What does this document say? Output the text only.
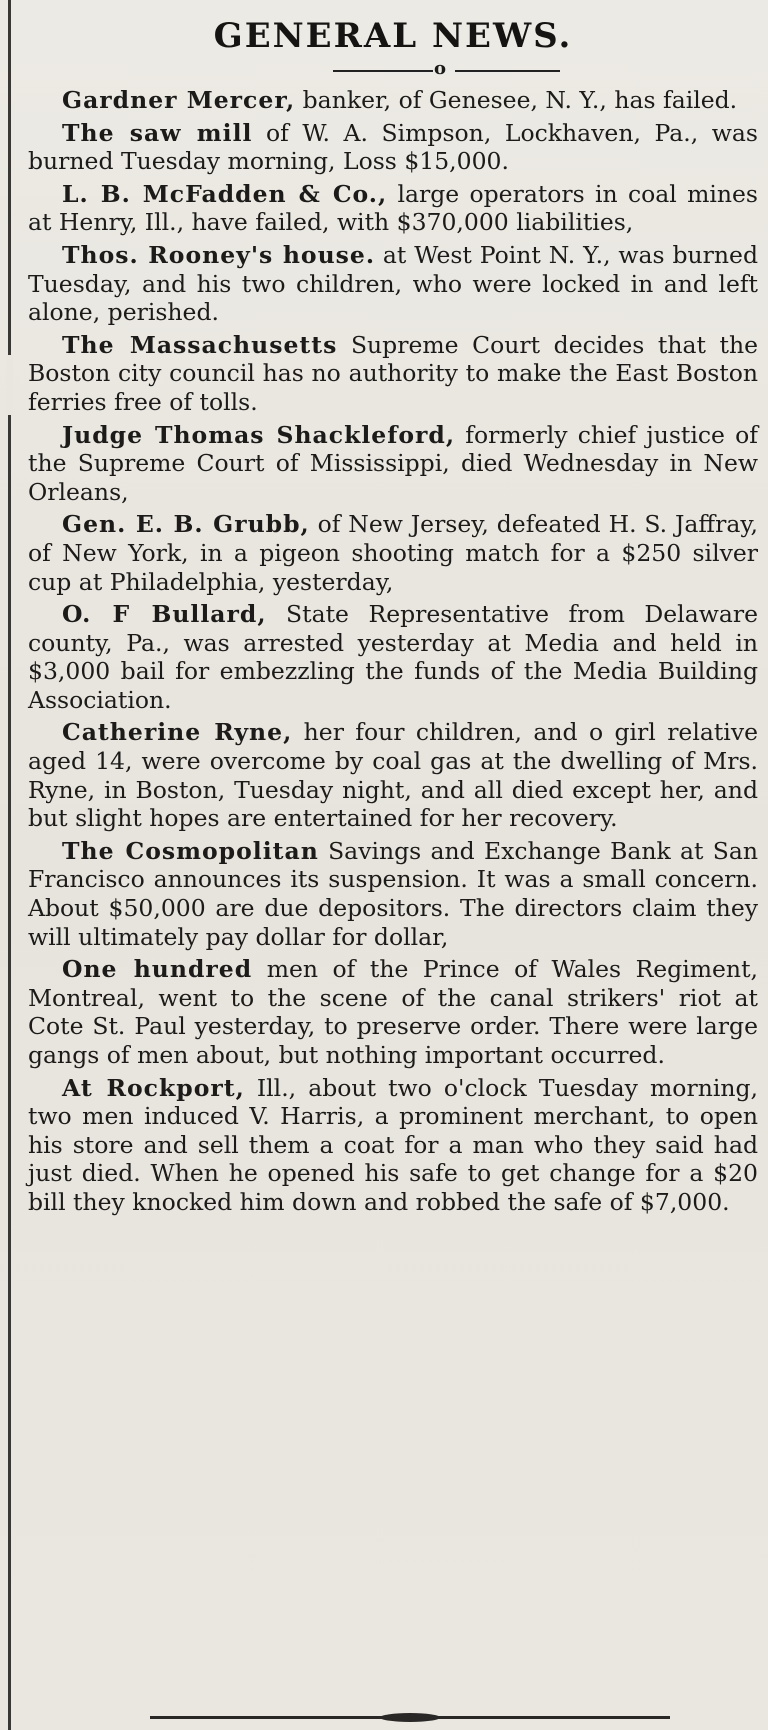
GENERAL NEWS.
o

Gardner Mercer, banker, of Genesee, N. Y., has failed.

The saw mill of W. A. Simpson, Lockhaven, Pa., was burned Tuesday morning, Loss $15,000.

L. B. McFadden & Co., large operators in coal mines at Henry, Ill., have failed, with $370,000 liabilities,

Thos. Rooney's house. at West Point N. Y., was burned Tuesday, and his two children, who were locked in and left alone, perished.

The Massachusetts Supreme Court decides that the Boston city council has no authority to make the East Boston ferries free of tolls.

Judge Thomas Shackleford, formerly chief justice of the Supreme Court of Mississippi, died Wednesday in New Orleans,

Gen. E. B. Grubb, of New Jersey, defeated H. S. Jaffray, of New York, in a pigeon shooting match for a $250 silver cup at Philadelphia, yesterday,

O. F Bullard, State Representative from Delaware county, Pa., was arrested yesterday at Media and held in $3,000 bail for embezzling the funds of the Media Building Association.

Catherine Ryne, her four children, and o girl relative aged 14, were overcome by coal gas at the dwelling of Mrs. Ryne, in Boston, Tuesday night, and all died except her, and but slight hopes are entertained for her recovery.

The Cosmopolitan Savings and Exchange Bank at San Francisco announces its suspension. It was a small concern. About $50,000 are due depositors. The directors claim they will ultimately pay dollar for dollar,

One hundred men of the Prince of Wales Regiment, Montreal, went to the scene of the canal strikers' riot at Cote St. Paul yesterday, to preserve order. There were large gangs of men about, but nothing important occurred.

At Rockport, Ill., about two o'clock Tuesday morning, two men induced V. Harris, a prominent merchant, to open his store and sell them a coat for a man who they said had just died. When he opened his safe to get change for a $20 bill they knocked him down and robbed the safe of $7,000.
